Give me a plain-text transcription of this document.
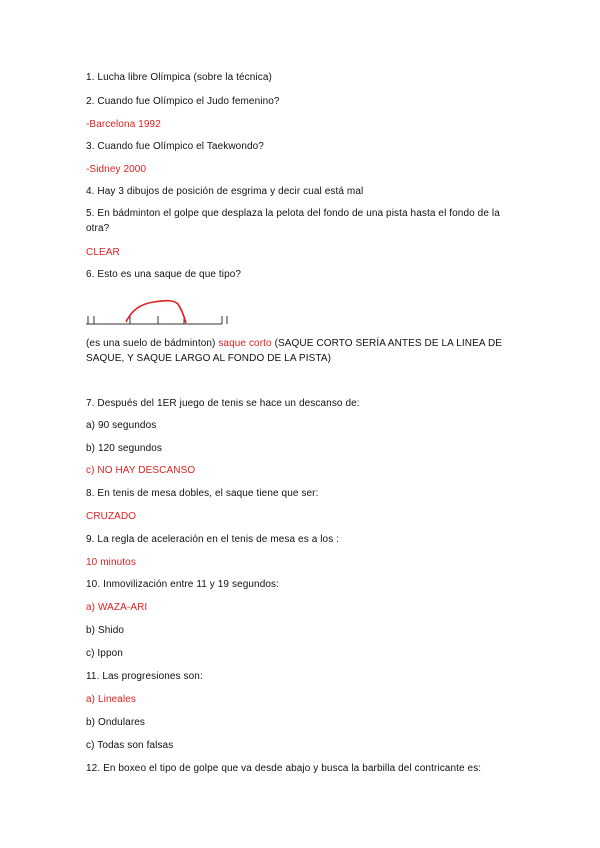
1. Lucha libre Olímpica (sobre la técnica)
2. Cuando fue Olímpico el Judo femenino?
-Barcelona 1992
3. Cuando fue Olímpico el Taekwondo?
-Sidney 2000
4. Hay 3 dibujos de posición de esgrima y decir cual está mal
5. En bádminton el golpe que desplaza la pelota del fondo de una pista hasta el fondo de la otra?
CLEAR
6. Esto es una saque de que tipo?
(es una suelo de bádminton) saque corto (SAQUE CORTO SERÍA ANTES DE LA LINEA DE SAQUE, Y SAQUE LARGO AL FONDO DE LA PISTA)
7. Después del 1ER juego de tenis se hace un descanso de:
a) 90 segundos
b) 120 segundos
c) NO HAY DESCANSO
8. En tenis de mesa dobles, el saque tiene que ser:
CRUZADO
9. La regla de aceleración en el tenis de mesa es a los :
10 minutos
10. Inmovilización entre 11 y 19 segundos:
a) WAZA-ARI
b) Shido
c) Ippon
11. Las progresiones son:
a) Lineales
b) Ondulares
c) Todas son falsas
12. En boxeo el tipo de golpe que va desde abajo y busca la barbilla del contricante es:
